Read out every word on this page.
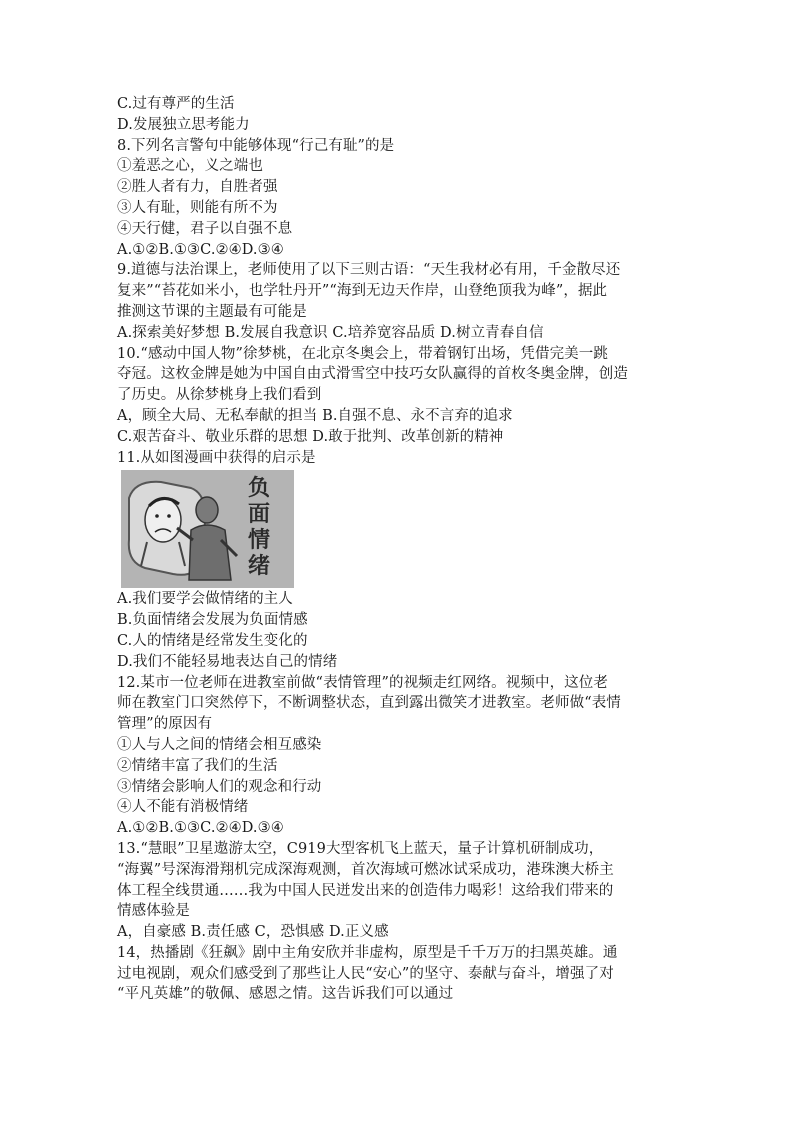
C.过有尊严的生活
D.发展独立思考能力
8.下列名言警句中能够体现“行己有耻”的是
①羞恶之心，义之端也
②胜人者有力，自胜者强
③人有耻，则能有所不为
④天行健，君子以自强不息
A.①②B.①③C.②④D.③④
9.道德与法治课上，老师使用了以下三则古语：“天生我材必有用，千金散尽还
复来”“苔花如米小，也学牡丹开”“海到无边天作岸，山登绝顶我为峰”，据此
推测这节课的主题最有可能是
A.探索美好梦想 B.发展自我意识 C.培养宽容品质 D.树立青春自信
10.“感动中国人物”徐梦桃，在北京冬奥会上，带着钢钉出场，凭借完美一跳
夺冠。这枚金牌是她为中国自由式滑雪空中技巧女队赢得的首枚冬奥金牌，创造
了历史。从徐梦桃身上我们看到
A，顾全大局、无私奉献的担当 B.自强不息、永不言弃的追求
C.艰苦奋斗、敬业乐群的思想 D.敢于批判、改革创新的精神
11.从如图漫画中获得的启示是
负
面
情
绪
A.我们要学会做情绪的主人
B.负面情绪会发展为负面情感
C.人的情绪是经常发生变化的
D.我们不能轻易地表达自己的情绪
12.某市一位老师在进教室前做“表情管理”的视频走红网络。视频中，这位老
师在教室门口突然停下，不断调整状态，直到露出微笑才进教室。老师做“表情
管理”的原因有
①人与人之间的情绪会相互感染
②情绪丰富了我们的生活
③情绪会影响人们的观念和行动
④人不能有消极情绪
A.①②B.①③C.②④D.③④
13.“慧眼”卫星遨游太空，C919大型客机飞上蓝天，量子计算机研制成功，
“海翼”号深海滑翔机完成深海观测，首次海域可燃冰试采成功，港珠澳大桥主
体工程全线贯通……我为中国人民迸发出来的创造伟力喝彩！这给我们带来的
情感体验是
A，自豪感 B.责任感 C，恐惧感 D.正义感
14，热播剧《狂飙》剧中主角安欣并非虚构，原型是千千万万的扫黑英雄。通
过电视剧，观众们感受到了那些让人民“安心”的坚守、泰献与奋斗，增强了对
“平凡英雄”的敬佩、感恩之情。这告诉我们可以通过
